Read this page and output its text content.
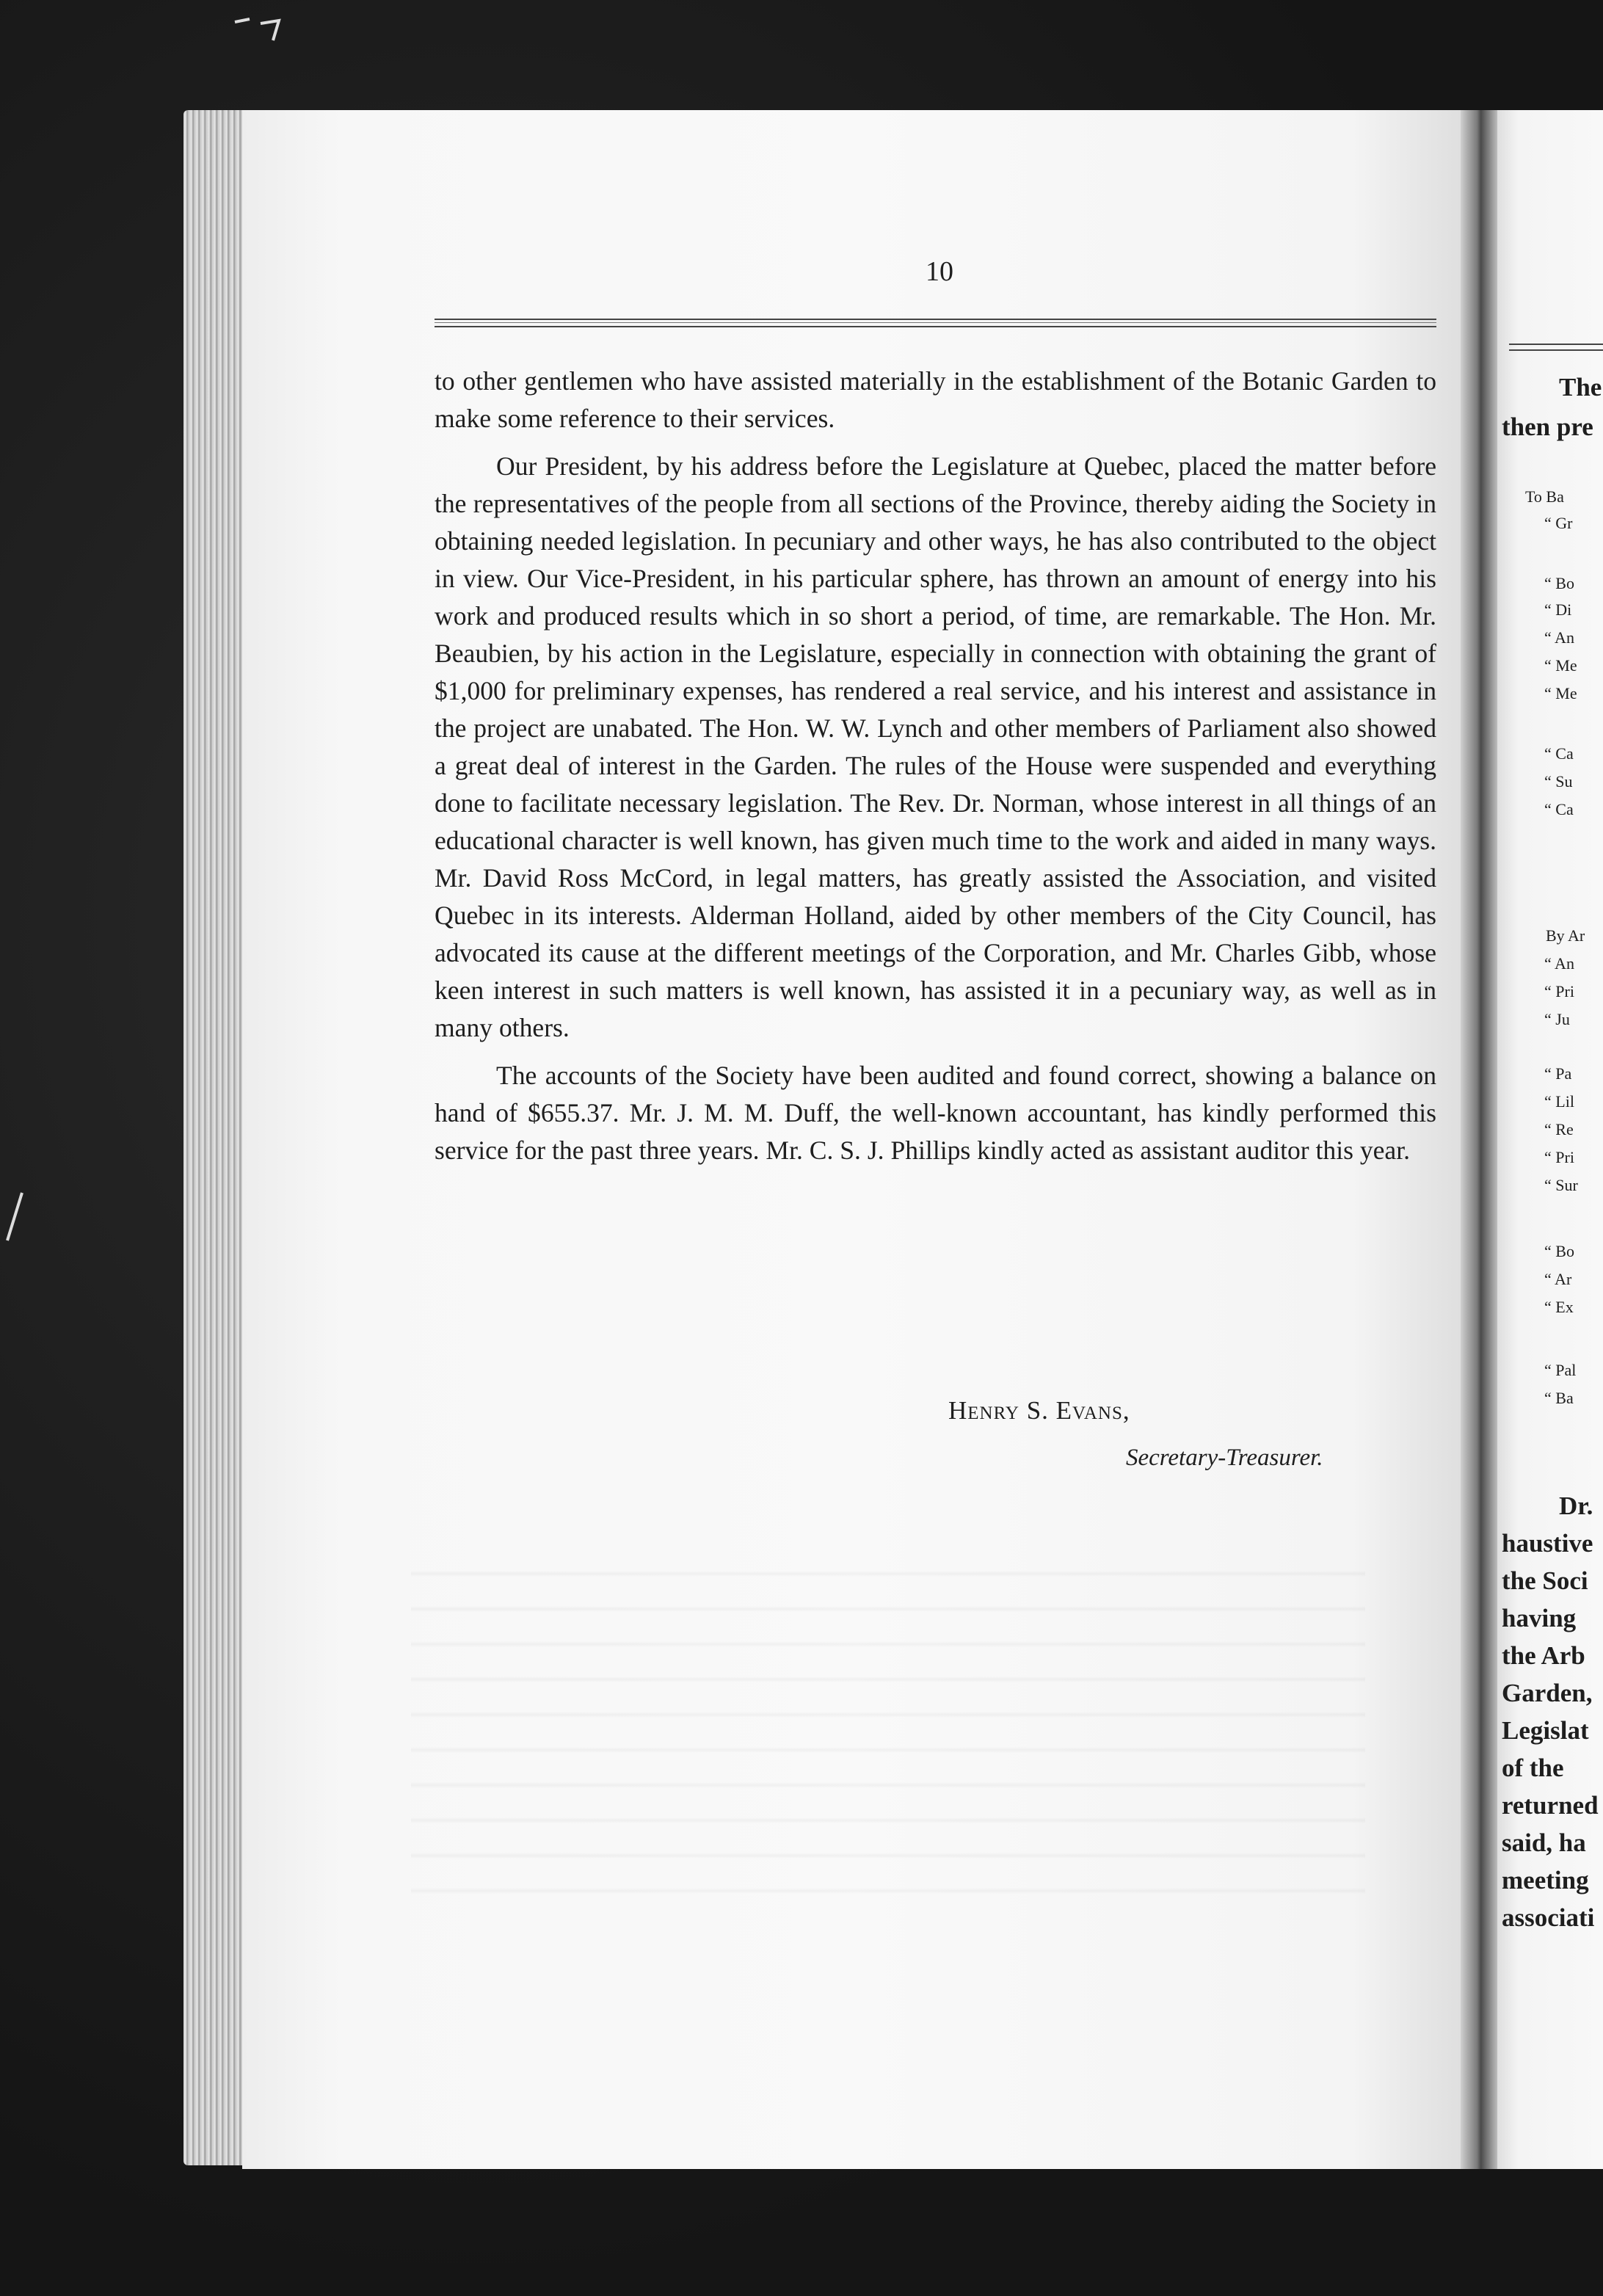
10

to other gentlemen who have assisted materially in the establishment of the Botanic Garden to make some reference to their services.

Our President, by his address before the Legislature at Quebec, placed the matter before the representatives of the people from all sections of the Province, thereby aiding the Society in obtaining needed legislation. In pecuniary and other ways, he has also contributed to the object in view. Our Vice-President, in his particular sphere, has thrown an amount of energy into his work and produced results which in so short a period, of time, are remarkable. The Hon. Mr. Beaubien, by his action in the Legislature, especially in connection with obtaining the grant of $1,000 for preliminary expenses, has rendered a real service, and his interest and assistance in the project are unabated. The Hon. W. W. Lynch and other members of Parliament also showed a great deal of interest in the Garden. The rules of the House were suspended and everything done to facilitate necessary legislation. The Rev. Dr. Norman, whose interest in all things of an educational character is well known, has given much time to the work and aided in many ways. Mr. David Ross McCord, in legal matters, has greatly assisted the Association, and visited Quebec in its interests. Alderman Holland, aided by other members of the City Council, has advocated its cause at the different meetings of the Corporation, and Mr. Charles Gibb, whose keen interest in such matters is well known, has assisted it in a pecuniary way, as well as in many others.

The accounts of the Society have been audited and found correct, showing a balance on hand of $655.37. Mr. J. M. M. Duff, the well-known accountant, has kindly performed this service for the past three years. Mr. C. S. J. Phillips kindly acted as assistant auditor this year.

Henry S. Evans,
Secretary-Treasurer.
The
then pre
To Ba
“ Gr
“ Bo
“ Di
“ An
“ Me
“ Me
“ Ca
“ Su
“ Ca
By Ar
“ An
“ Pri
“ Ju
“ Pa
“ Lil
“ Re
“ Pri
“ Sur
“ Bo
“ Ar
“ Ex
“ Pal
“ Ba
Dr.
haustive
the Soci
having
the Arb
Garden,
Legislat
of the
returned
said, ha
meeting
associati
